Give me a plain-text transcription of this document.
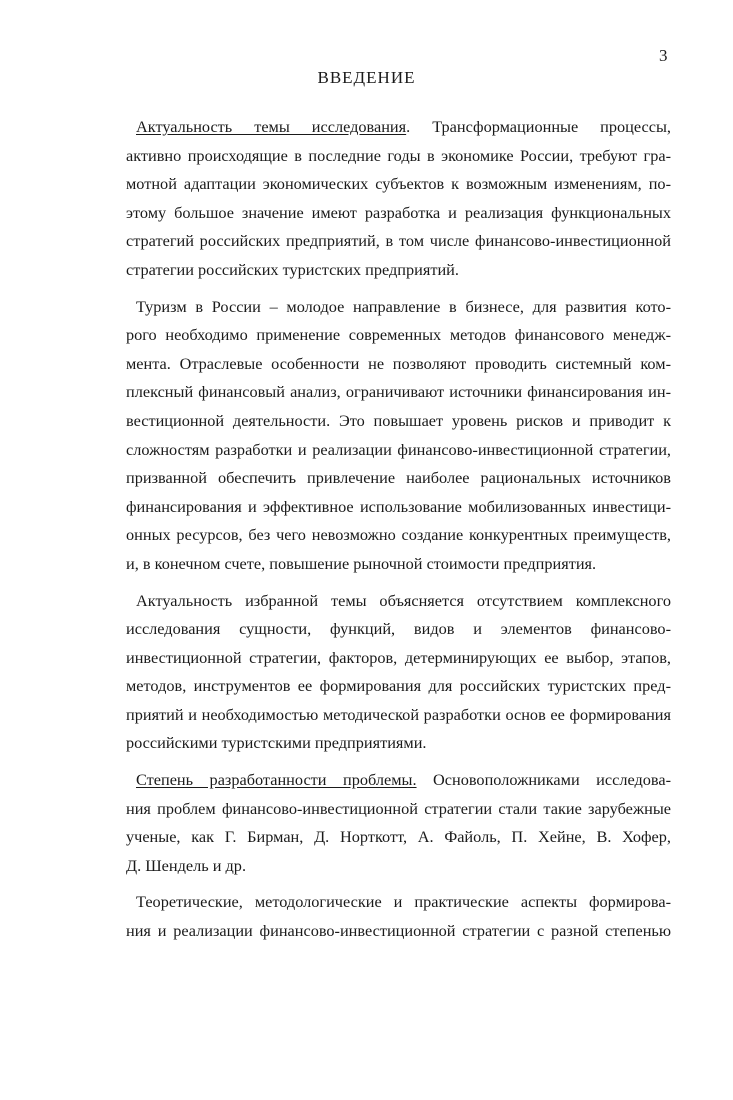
3
ВВЕДЕНИЕ
Актуальность темы исследования. Трансформационные процессы,
активно происходящие в последние годы в экономике России, требуют гра-
мотной адаптации экономических субъектов к возможным изменениям, по-
этому большое значение имеют разработка и реализация функциональных
стратегий российских предприятий, в том числе финансово-инвестиционной
стратегии российских туристских предприятий.
Туризм в России – молодое направление в бизнесе, для развития кото-
рого необходимо применение современных методов финансового менедж-
мента. Отраслевые особенности не позволяют проводить системный ком-
плексный финансовый анализ, ограничивают источники финансирования ин-
вестиционной деятельности. Это повышает уровень рисков и приводит к
сложностям разработки и реализации финансово-инвестиционной стратегии,
призванной обеспечить привлечение наиболее рациональных источников
финансирования и эффективное использование мобилизованных инвестици-
онных ресурсов, без чего невозможно создание конкурентных преимуществ,
и, в конечном счете, повышение рыночной стоимости предприятия.
Актуальность избранной темы объясняется отсутствием комплексного
исследования сущности, функций, видов и элементов финансово-
инвестиционной стратегии, факторов, детерминирующих ее выбор, этапов,
методов, инструментов ее формирования для российских туристских пред-
приятий и необходимостью методической разработки основ ее формирования
российскими туристскими предприятиями.
Степень разработанности проблемы. Основоположниками исследова-
ния проблем финансово-инвестиционной стратегии стали такие зарубежные
ученые, как Г. Бирман, Д. Норткотт, А. Файоль, П. Хейне, В. Хофер,
Д. Шендель и др.
Теоретические, методологические и практические аспекты формирова-
ния и реализации финансово-инвестиционной стратегии с разной степенью
